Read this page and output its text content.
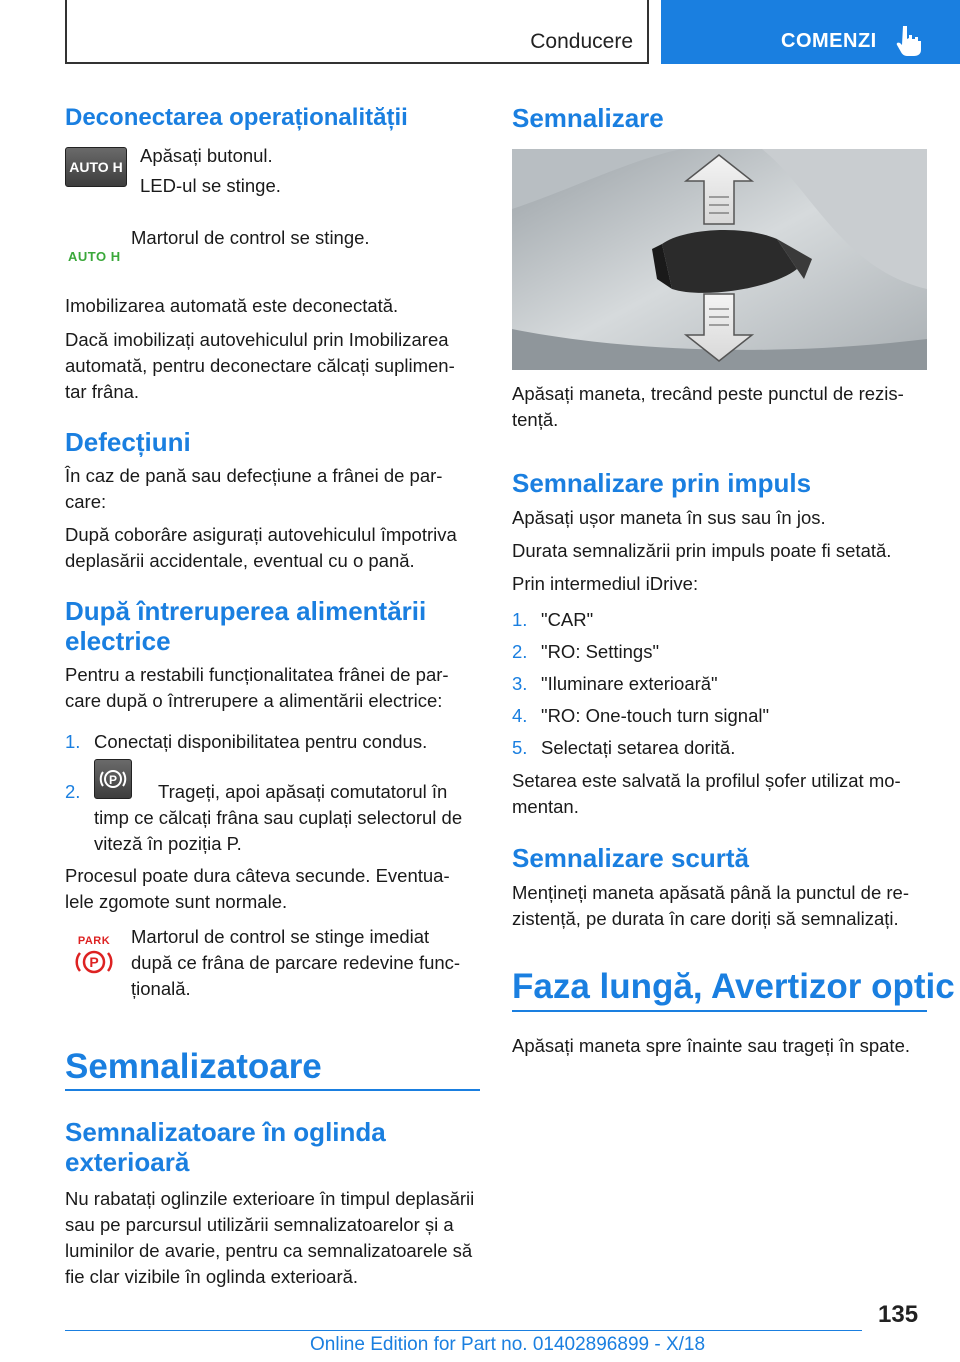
Conducere	COMENZI
Deconectarea operaționalității
AUTO H
Apăsați butonul.
LED-ul se stinge.
AUTO H
Martorul de control se stinge.
Imobilizarea automată este deconectată.
Dacă imobilizați autovehiculul prin Imobilizarea
automată, pentru deconectare călcați suplimen-
tar frâna.
Defecțiuni
În caz de pană sau defecțiune a frânei de par-
care:
După coborâre asigurați autovehiculul împotriva
deplasării accidentale, eventual cu o pană.
După întreruperea alimentării
electrice
Pentru a restabili funcționalitatea frânei de par-
care după o întrerupere a alimentării electrice:
1. Conectați disponibilitatea pentru condus.
2.
P
Trageți, apoi apăsați comutatorul în
timp ce călcați frâna sau cuplați selectorul de
viteză în poziția P.
Procesul poate dura câteva secunde. Eventua-
lele zgomote sunt normale.
PARK
P
Martorul de control se stinge imediat
după ce frâna de parcare redevine func-
țională.
Semnalizatoare
Semnalizatoare în oglinda
exterioară
Nu rabatați oglinzile exterioare în timpul deplasării
sau pe parcursul utilizării semnalizatoarelor și a
luminilor de avarie, pentru ca semnalizatoarele să
fie clar vizibile în oglinda exterioară.
Semnalizare
Apăsați maneta, trecând peste punctul de rezis-
tență.
Semnalizare prin impuls
Apăsați ușor maneta în sus sau în jos.
Durata semnalizării prin impuls poate fi setată.
Prin intermediul iDrive:
1. "CAR"
2. "RO: Settings"
3. "Iluminare exterioară"
4. "RO: One-touch turn signal"
5. Selectați setarea dorită.
Setarea este salvată la profilul șofer utilizat mo-
mentan.
Semnalizare scurtă
Mențineți maneta apăsată până la punctul de re-
zistență, pe durata în care doriți să semnalizați.
Faza lungă, Avertizor optic
Apăsați maneta spre înainte sau trageți în spate.
135
Online Edition for Part no. 01402896899 - X/18
